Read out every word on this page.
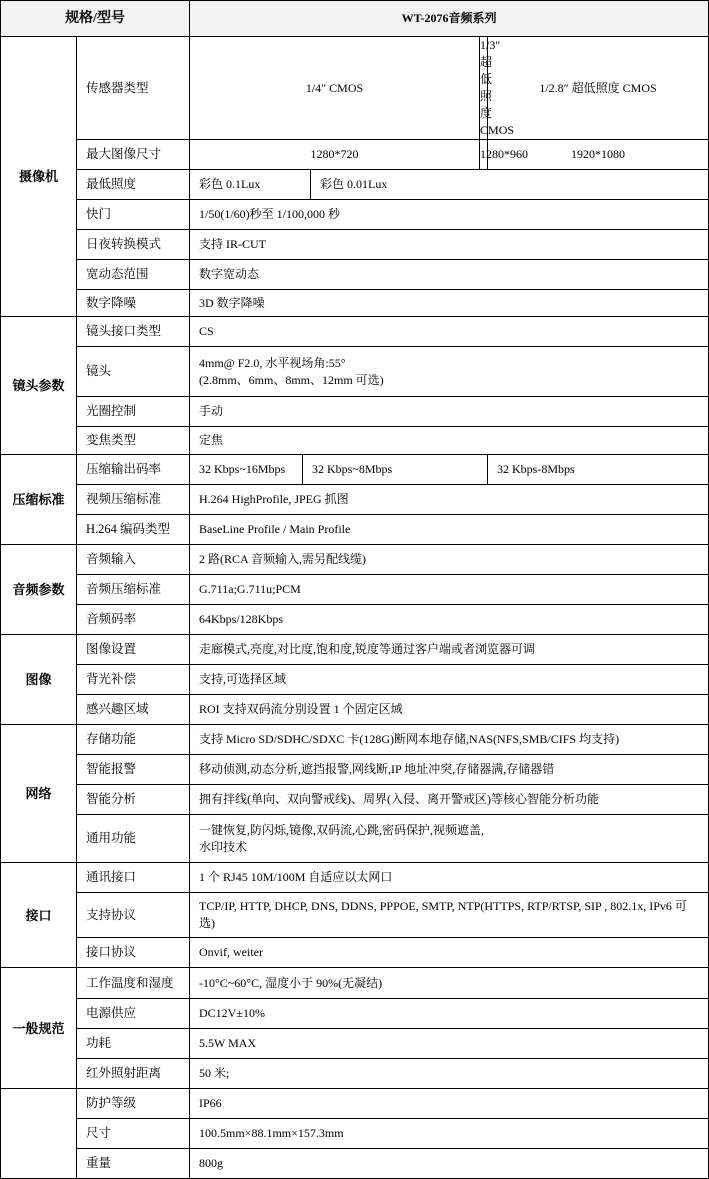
规格/型号		WT-2076音频系列				
摄像机	传感器类型	1/4″ CMOS			1/3″ 超低照度 CMOS	1/2.8″ 超低照度 CMOS
	最大图像尺寸	1280*720			1280*960	1920*1080
	最低照度	彩色 0.1Lux		彩色 0.01Lux		
	快门	1/50(1/60)秒至 1/100,000 秒				
	日夜转换模式	支持 IR-CUT				
	宽动态范围	数字宽动态				
	数字降噪	3D 数字降噪				
镜头参数	镜头接口类型	CS				
	镜头	4mm@ F2.0, 水平视场角:55°
(2.8mm、6mm、8mm、12mm 可选)				

	光圈控制	手动				
	变焦类型	定焦				
压缩标准	压缩输出码率	32 Kbps~16Mbps	32 Kbps~8Mbps			32 Kbps-8Mbps
	视频压缩标准	H.264 HighProfile, JPEG 抓图				
	H.264 编码类型	BaseLine Profile / Main Profile				
音频参数	音频输入	2 路(RCA 音频输入,需另配线缆)				
	音频压缩标准	G.711a;G.711u;PCM				
	音频码率	64Kbps/128Kbps				
图像	图像设置	走廊模式,亮度,对比度,饱和度,锐度等通过客户端或者浏览器可调				
	背光补偿	支持,可选择区域				
	感兴趣区域	ROI 支持双码流分别设置 1 个固定区域				
网络	存储功能	支持 Micro SD/SDHC/SDXC 卡(128G)断网本地存储,NAS(NFS,SMB/CIFS 均支持)				
	智能报警	移动侦测,动态分析,遮挡报警,网线断,IP 地址冲突,存储器满,存储器错				
	智能分析	拥有拌线(单向、双向警戒线)、周界(入侵、离开警戒区)等核心智能分析功能				
	通用功能	一键恢复,防闪烁,镜像,双码流,心跳,密码保护,视频遮盖,
水印技术				

接口	通讯接口	1 个 RJ45 10M/100M 自适应以太网口				
	支持协议	TCP/IP, HTTP, DHCP, DNS, DDNS, PPPOE, SMTP, NTP(HTTPS, RTP/RTSP, SIP , 802.1x, IPv6 可
选)				

	接口协议	Onvif, weiter				
一般规范	工作温度和湿度	-10°C~60°C, 湿度小于 90%(无凝结)				
	电源供应	DC12V±10%				
	功耗	5.5W MAX				
	红外照射距离	50 米;				
	防护等级	IP66				
	尺寸	100.5mm×88.1mm×157.3mm				
	重量	800g				
